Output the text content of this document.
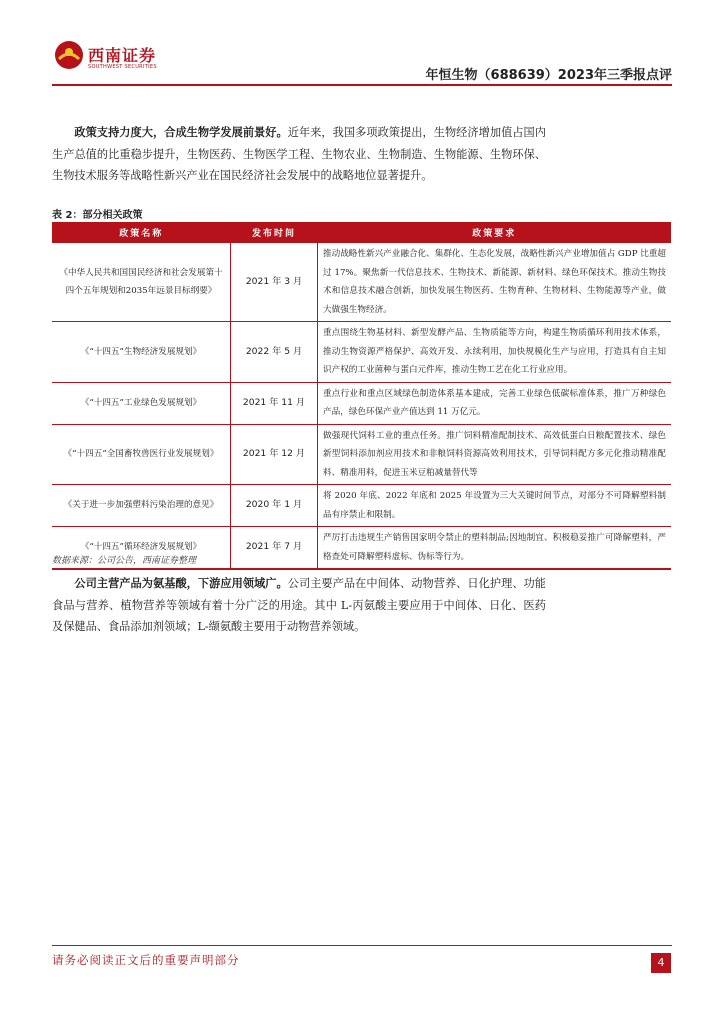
西南证券
SOUTHWEST SECURITIES
年恒生物（688639）2023年三季报点评
政策支持力度大，合成生物学发展前景好。近年来，我国多项政策提出，生物经济增加值占国内生产总值的比重稳步提升，生物医药、生物医学工程、生物农业、生物制造、生物能源、生物环保、生物技术服务等战略性新兴产业在国民经济社会发展中的战略地位显著提升。
表 2：部分相关政策
政策名称	发布时间	政策要求
《中华人民共和国国民经济和社会发展第十四个五年规划和2035年远景目标纲要》	2021 年 3 月	推动战略性新兴产业融合化、集群化、生态化发展，战略性新兴产业增加值占 GDP 比重超过 17%。聚焦新一代信息技术、生物技术、新能源、新材料、绿色环保技术。推动生物技术和信息技术融合创新，加快发展生物医药、生物育种、生物材料、生物能源等产业，做大做强生物经济。
《“十四五”生物经济发展规划》	2022 年 5 月	重点围绕生物基材料、新型发酵产品、生物质能等方向，构建生物质循环利用技术体系，推动生物资源严格保护、高效开发、永续利用，加快规模化生产与应用，打造具有自主知识产权的工业菌种与蛋白元件库，推动生物工艺在化工行业应用。
《“十四五”工业绿色发展规划》	2021 年 11 月	重点行业和重点区域绿色制造体系基本建成，完善工业绿色低碳标准体系，推广万种绿色产品，绿色环保产业产值达到 11 万亿元。
《“十四五”全国畜牧兽医行业发展规划》	2021 年 12 月	做强现代饲料工业的重点任务。推广饲料精准配制技术、高效低蛋白日粮配置技术、绿色新型饲料添加剂应用技术和非粮饲料资源高效利用技术，引导饲料配方多元化推动精准配料、精准用料，促进玉米豆粕减量替代等
《关于进一步加强塑料污染治理的意见》	2020 年 1 月	将 2020 年底、2022 年底和 2025 年设置为三大关键时间节点，对部分不可降解塑料制品有序禁止和限制。
《“十四五”循环经济发展规划》	2021 年 7 月	严厉打击违规生产销售国家明令禁止的塑料制品;因地制宜、积极稳妥推广可降解塑料，严格查处可降解塑料虚标、伪标等行为。
数据来源：公司公告，西南证券整理
公司主营产品为氨基酸，下游应用领域广。公司主要产品在中间体、动物营养、日化护理、功能食品与营养、植物营养等领域有着十分广泛的用途。其中 L-丙氨酸主要应用于中间体、日化、医药及保健品、食品添加剂领域；L-缬氨酸主要用于动物营养领域。
请务必阅读正文后的重要声明部分	4
